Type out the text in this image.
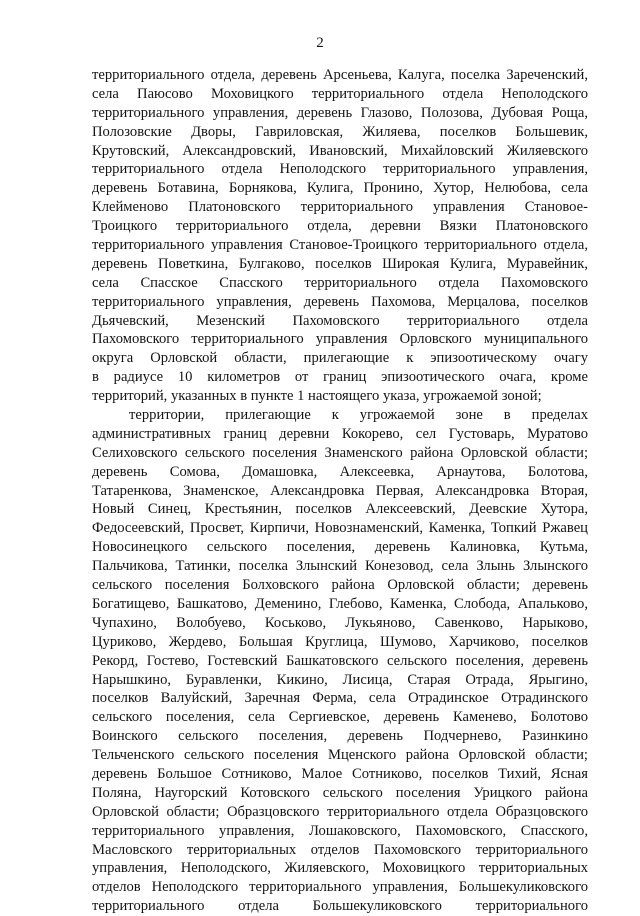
2
территориального отдела, деревень Арсеньева, Калуга, поселка Зареченский,
села Паюсово Моховицкого территориального отдела Неполодского
территориального управления, деревень Глазово, Полозова, Дубовая Роща,
Полозовские Дворы, Гавриловская, Жиляева, поселков Большевик,
Крутовский, Александровский, Ивановский, Михайловский Жиляевского
территориального отдела Неполодского территориального управления,
деревень Ботавина, Борнякова, Кулига, Пронино, Хутор, Нелюбова, села
Клейменово Платоновского территориального управления Становое-
Троицкого территориального отдела, деревни Вязки Платоновского
территориального управления Становое-Троицкого территориального отдела,
деревень Поветкина, Булгаково, поселков Широкая Кулига, Муравейник,
села Спасское Спасского территориального отдела Пахомовского
территориального управления, деревень Пахомова, Мерцалова, поселков
Дьячевский, Мезенский Пахомовского территориального отдела
Пахомовского территориального управления Орловского муниципального
округа Орловской области, прилегающие к эпизоотическому очагу
в радиусе 10 километров от границ эпизоотического очага, кроме
территорий, указанных в пункте 1 настоящего указа, угрожаемой зоной;
территории, прилегающие к угрожаемой зоне в пределах
административных границ деревни Кокорево, сел Густоварь, Муратово
Селиховского сельского поселения Знаменского района Орловской области;
деревень Сомова, Домашовка, Алексеевка, Арнаутова, Болотова,
Татаренкова, Знаменское, Александровка Первая, Александровка Вторая,
Новый Синец, Крестьянин, поселков Алексеевский, Деевские Хутора,
Федосеевский, Просвет, Кирпичи, Новознаменский, Каменка, Топкий Ржавец
Новосинецкого сельского поселения, деревень Калиновка, Кутьма,
Пальчикова, Татинки, поселка Злынский Конезовод, села Злынь Злынского
сельского поселения Болховского района Орловской области; деревень
Богатищево, Башкатово, Деменино, Глебово, Каменка, Слобода, Апальково,
Чупахино, Волобуево, Коськово, Лукьяново, Савенково, Нарыково,
Цуриково, Жердево, Большая Круглица, Шумово, Харчиково, поселков
Рекорд, Гостево, Гостевский Башкатовского сельского поселения, деревень
Нарышкино, Буравленки, Кикино, Лисица, Старая Отрада, Ярыгино,
поселков Валуйский, Заречная Ферма, села Отрадинское Отрадинского
сельского поселения, села Сергиевское, деревень Каменево, Болотово
Воинского сельского поселения, деревень Подчерневo, Разинкино
Тельченского сельского поселения Мценского района Орловской области;
деревень Большое Сотниково, Малое Сотниково, поселков Тихий, Ясная
Поляна, Наугорский Котовского сельского поселения Урицкого района
Орловской области; Образцовского территориального отдела Образцовского
территориального управления, Лошаковского, Пахомовского, Спасского,
Масловского территориальных отделов Пахомовского территориального
управления, Неполодского, Жиляевского, Моховицкого территориальных
отделов Неполодского территориального управления, Большекуликовского
территориального отдела Большекуликовского территориального
